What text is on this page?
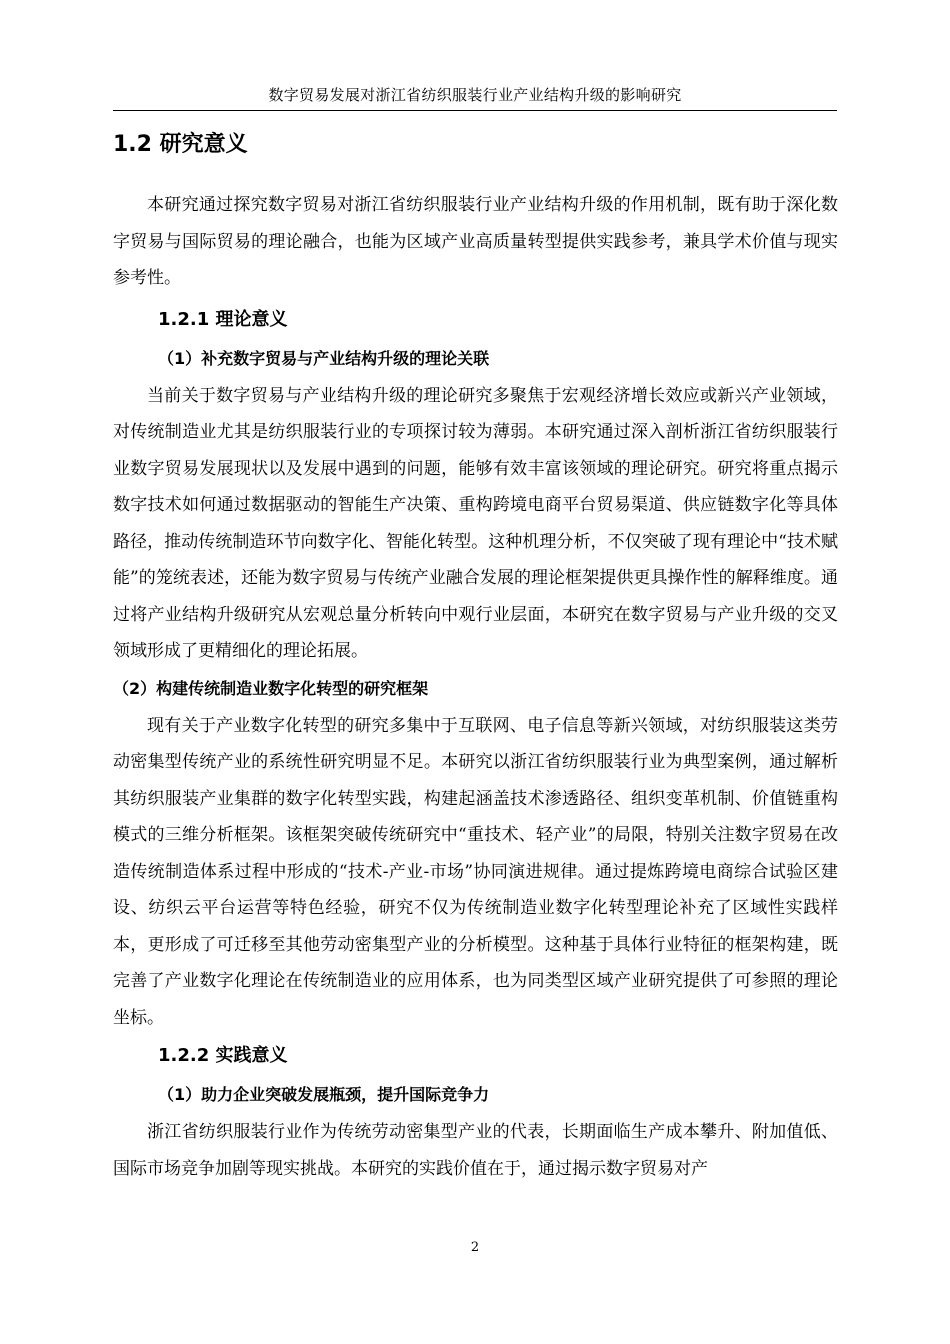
数字贸易发展对浙江省纺织服装行业产业结构升级的影响研究
1.2 研究意义

本研究通过探究数字贸易对浙江省纺织服装行业产业结构升级的作用机制，既有助于深化数字贸易与国际贸易的理论融合，也能为区域产业高质量转型提供实践参考，兼具学术价值与现实参考性。

1.2.1 理论意义
（1）补充数字贸易与产业结构升级的理论关联

当前关于数字贸易与产业结构升级的理论研究多聚焦于宏观经济增长效应或新兴产业领域，对传统制造业尤其是纺织服装行业的专项探讨较为薄弱。本研究通过深入剖析浙江省纺织服装行业数字贸易发展现状以及发展中遇到的问题，能够有效丰富该领域的理论研究。研究将重点揭示数字技术如何通过数据驱动的智能生产决策、重构跨境电商平台贸易渠道、供应链数字化等具体路径，推动传统制造环节向数字化、智能化转型。这种机理分析，不仅突破了现有理论中“技术赋能”的笼统表述，还能为数字贸易与传统产业融合发展的理论框架提供更具操作性的解释维度。通过将产业结构升级研究从宏观总量分析转向中观行业层面，本研究在数字贸易与产业升级的交叉领域形成了更精细化的理论拓展。

（2）构建传统制造业数字化转型的研究框架

现有关于产业数字化转型的研究多集中于互联网、电子信息等新兴领域，对纺织服装这类劳动密集型传统产业的系统性研究明显不足。本研究以浙江省纺织服装行业为典型案例，通过解析其纺织服装产业集群的数字化转型实践，构建起涵盖技术渗透路径、组织变革机制、价值链重构模式的三维分析框架。该框架突破传统研究中“重技术、轻产业”的局限，特别关注数字贸易在改造传统制造体系过程中形成的“技术-产业-市场”协同演进规律。通过提炼跨境电商综合试验区建设、纺织云平台运营等特色经验，研究不仅为传统制造业数字化转型理论补充了区域性实践样本，更形成了可迁移至其他劳动密集型产业的分析模型。这种基于具体行业特征的框架构建，既完善了产业数字化理论在传统制造业的应用体系，也为同类型区域产业研究提供了可参照的理论坐标。

1.2.2 实践意义
（1）助力企业突破发展瓶颈，提升国际竞争力

浙江省纺织服装行业作为传统劳动密集型产业的代表，长期面临生产成本攀升、附加值低、国际市场竞争加剧等现实挑战。本研究的实践价值在于，通过揭示数字贸易对产

2
